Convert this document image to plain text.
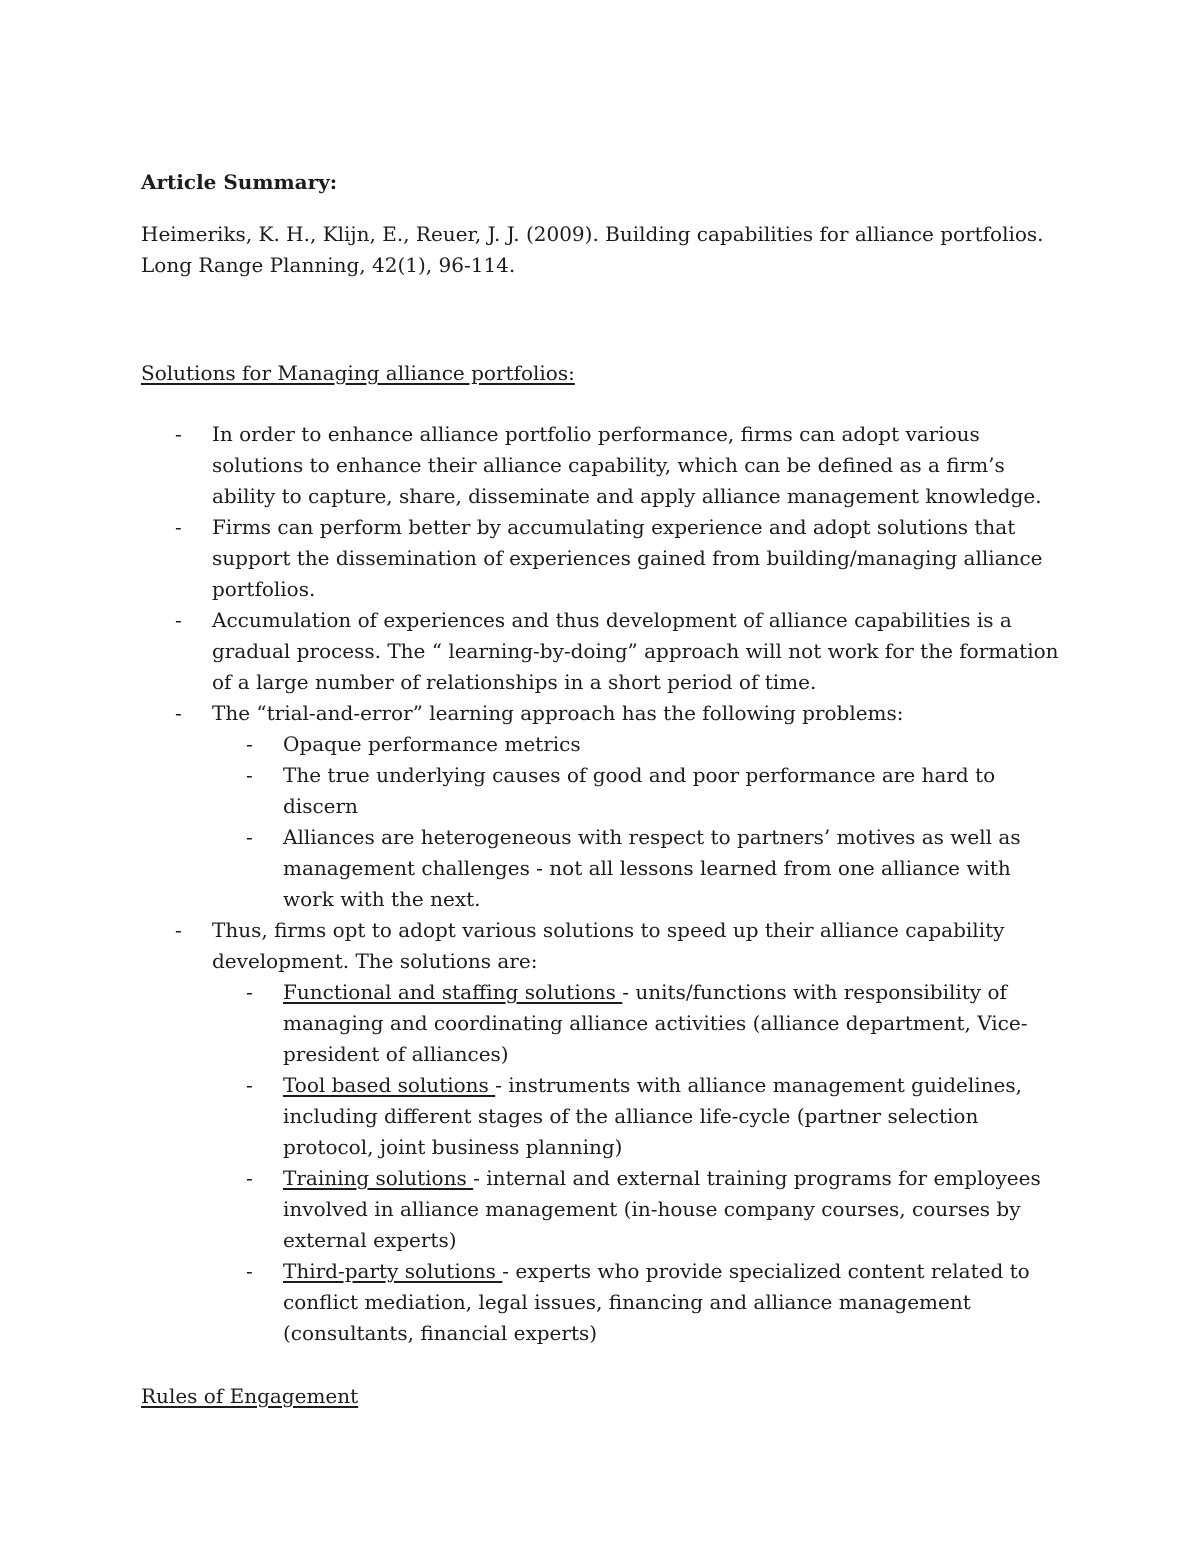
Article Summary:

Heimeriks, K. H., Klijn, E., Reuer, J. J. (2009). Building capabilities for alliance portfolios. Long Range Planning, 42(1), 96-114.

Solutions for Managing alliance portfolios:

- In order to enhance alliance portfolio performance, firms can adopt various solutions to enhance their alliance capability, which can be defined as a firm’s ability to capture, share, disseminate and apply alliance management knowledge.
- Firms can perform better by accumulating experience and adopt solutions that support the dissemination of experiences gained from building/managing alliance portfolios.
- Accumulation of experiences and thus development of alliance capabilities is a gradual process. The “ learning-by-doing” approach will not work for the formation of a large number of relationships in a short period of time.
- The “trial-and-error” learning approach has the following problems:
- Opaque performance metrics
- The true underlying causes of good and poor performance are hard to discern
- Alliances are heterogeneous with respect to partners’ motives as well as management challenges - not all lessons learned from one alliance with work with the next.
- Thus, firms opt to adopt various solutions to speed up their alliance capability development. The solutions are:
- Functional and staffing solutions - units/functions with responsibility of managing and coordinating alliance activities (alliance department, Vice-president of alliances)
- Tool based solutions - instruments with alliance management guidelines, including different stages of the alliance life-cycle (partner selection protocol, joint business planning)
- Training solutions - internal and external training programs for employees involved in alliance management (in-house company courses, courses by external experts)
- Third-party solutions - experts who provide specialized content related to conflict mediation, legal issues, financing and alliance management (consultants, financial experts)

Rules of Engagement
